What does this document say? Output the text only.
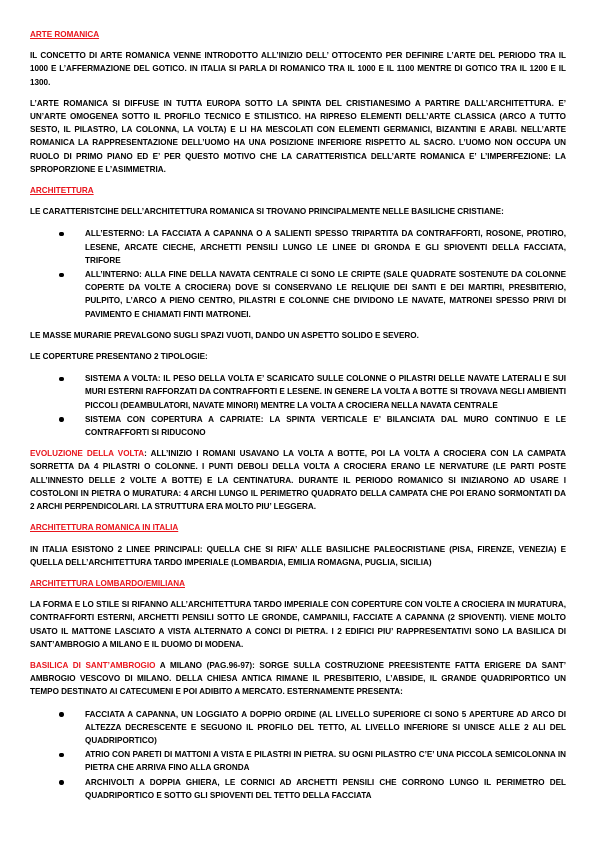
ARTE ROMANICA

IL CONCETTO DI ARTE ROMANICA VENNE INTRODOTTO ALL’INIZIO DELL’ OTTOCENTO PER DEFINIRE L’ARTE DEL PERIODO TRA IL 1000 E L’AFFERMAZIONE DEL GOTICO. IN ITALIA SI PARLA DI ROMANICO TRA IL 1000 E IL 1100 MENTRE DI GOTICO TRA IL 1200 E IL 1300.

L’ARTE ROMANICA SI DIFFUSE IN TUTTA EUROPA SOTTO LA SPINTA DEL CRISTIANESIMO A PARTIRE DALL’ARCHITETTURA. E’ UN’ARTE OMOGENEA SOTTO IL PROFILO TECNICO E STILISTICO. HA RIPRESO ELEMENTI DELL’ARTE CLASSICA (ARCO A TUTTO SESTO, IL PILASTRO, LA COLONNA, LA VOLTA) E LI HA MESCOLATI CON ELEMENTI GERMANICI, BIZANTINI E ARABI. NELL’ARTE ROMANICA LA RAPPRESENTAZIONE DELL’UOMO HA UNA POSIZIONE INFERIORE RISPETTO AL SACRO. L’UOMO NON OCCUPA UN RUOLO DI PRIMO PIANO ED E’ PER QUESTO MOTIVO CHE LA CARATTERISTICA DELL’ARTE ROMANICA E’ L’IMPERFEZIONE: LA SPROPORZIONE E L’ASIMMETRIA.

ARCHITETTURA

LE CARATTERISTCIHE DELL’ARCHITETTURA ROMANICA SI TROVANO PRINCIPALMENTE NELLE BASILICHE CRISTIANE:

ALL’ESTERNO: LA FACCIATA A CAPANNA O A SALIENTI SPESSO TRIPARTITA DA CONTRAFFORTI, ROSONE, PROTIRO, LESENE, ARCATE CIECHE, ARCHETTI PENSILI LUNGO LE LINEE DI GRONDA E GLI SPIOVENTI DELLA FACCIATA, TRIFORE
ALL’INTERNO: ALLA FINE DELLA NAVATA CENTRALE CI SONO LE CRIPTE (SALE QUADRATE SOSTENUTE DA COLONNE COPERTE DA VOLTE A CROCIERA) DOVE SI CONSERVANO LE RELIQUIE DEI SANTI E DEI MARTIRI, PRESBITERIO, PULPITO, L’ARCO A PIENO CENTRO, PILASTRI E COLONNE CHE DIVIDONO LE NAVATE, MATRONEI SPESSO PRIVI DI PAVIMENTO E CHIAMATI FINTI MATRONEI.

LE MASSE MURARIE PREVALGONO SUGLI SPAZI VUOTI, DANDO UN ASPETTO SOLIDO E SEVERO.

LE COPERTURE PRESENTANO 2 TIPOLOGIE:

SISTEMA A VOLTA: IL PESO DELLA VOLTA E’ SCARICATO SULLE COLONNE O PILASTRI DELLE NAVATE LATERALI E SUI MURI ESTERNI RAFFORZATI DA CONTRAFFORTI E LESENE. IN GENERE LA VOLTA A BOTTE SI TROVAVA NEGLI AMBIENTI PICCOLI (DEAMBULATORI, NAVATE MINORI) MENTRE LA VOLTA A CROCIERA NELLA NAVATA CENTRALE
SISTEMA CON COPERTURA A CAPRIATE: LA SPINTA VERTICALE E’ BILANCIATA DAL MURO CONTINUO E LE CONTRAFFORTI SI RIDUCONO

EVOLUZIONE DELLA VOLTA: ALL’INIZIO I ROMANI USAVANO LA VOLTA A BOTTE, POI LA VOLTA A CROCIERA CON LA CAMPATA SORRETTA DA 4 PILASTRI O COLONNE. I PUNTI DEBOLI DELLA VOLTA A CROCIERA ERANO LE NERVATURE (LE PARTI POSTE ALL’INNESTO DELLE 2 VOLTE A BOTTE) E LA CENTINATURA. DURANTE IL PERIODO ROMANICO SI INIZIARONO AD USARE I COSTOLONI IN PIETRA O MURATURA: 4 ARCHI LUNGO IL PERIMETRO QUADRATO DELLA CAMPATA CHE POI ERANO SORMONTATI DA 2 ARCHI PERPENDICOLARI. LA STRUTTURA ERA MOLTO PIU’ LEGGERA.

ARCHITETTURA ROMANICA IN ITALIA

IN ITALIA ESISTONO 2 LINEE PRINCIPALI: QUELLA CHE SI RIFA’ ALLE BASILICHE PALEOCRISTIANE (PISA, FIRENZE, VENEZIA) E QUELLA DELL’ARCHITETTURA TARDO IMPERIALE (LOMBARDIA, EMILIA ROMAGNA, PUGLIA, SICILIA)

ARCHITETTURA LOMBARDO/EMILIANA

LA FORMA E LO STILE SI RIFANNO ALL’ARCHITETTURA TARDO IMPERIALE CON COPERTURE CON VOLTE A CROCIERA IN MURATURA, CONTRAFFORTI ESTERNI, ARCHETTI PENSILI SOTTO LE GRONDE, CAMPANILI, FACCIATE A CAPANNA (2 SPIOVENTI). VIENE MOLTO USATO IL MATTONE LASCIATO A VISTA ALTERNATO A CONCI DI PIETRA. I 2 EDIFICI PIU’ RAPPRESENTATIVI SONO LA BASILICA DI SANT’AMBROGIO A MILANO E IL DUOMO DI MODENA.

BASILICA DI SANT’AMBROGIO A MILANO (PAG.96-97): SORGE SULLA COSTRUZIONE PREESISTENTE FATTA ERIGERE DA SANT’ AMBROGIO VESCOVO DI MILANO. DELLA CHIESA ANTICA RIMANE IL PRESBITERIO, L’ABSIDE, IL GRANDE QUADRIPORTICO UN TEMPO DESTINATO AI CATECUMENI E POI ADIBITO A MERCATO. ESTERNAMENTE PRESENTA:

FACCIATA A CAPANNA, UN LOGGIATO A DOPPIO ORDINE (AL LIVELLO SUPERIORE CI SONO 5 APERTURE AD ARCO DI ALTEZZA DECRESCENTE E SEGUONO IL PROFILO DEL TETTO, AL LIVELLO INFERIORE SI UNISCE ALLE 2 ALI DEL QUADRIPORTICO)
ATRIO CON PARETI DI MATTONI A VISTA E PILASTRI IN PIETRA. SU OGNI PILASTRO C’E’ UNA PICCOLA SEMICOLONNA IN PIETRA CHE ARRIVA FINO ALLA GRONDA
ARCHIVOLTI A DOPPIA GHIERA, LE CORNICI AD ARCHETTI PENSILI CHE CORRONO LUNGO IL PERIMETRO DEL QUADRIPORTICO E SOTTO GLI SPIOVENTI DEL TETTO DELLA FACCIATA
